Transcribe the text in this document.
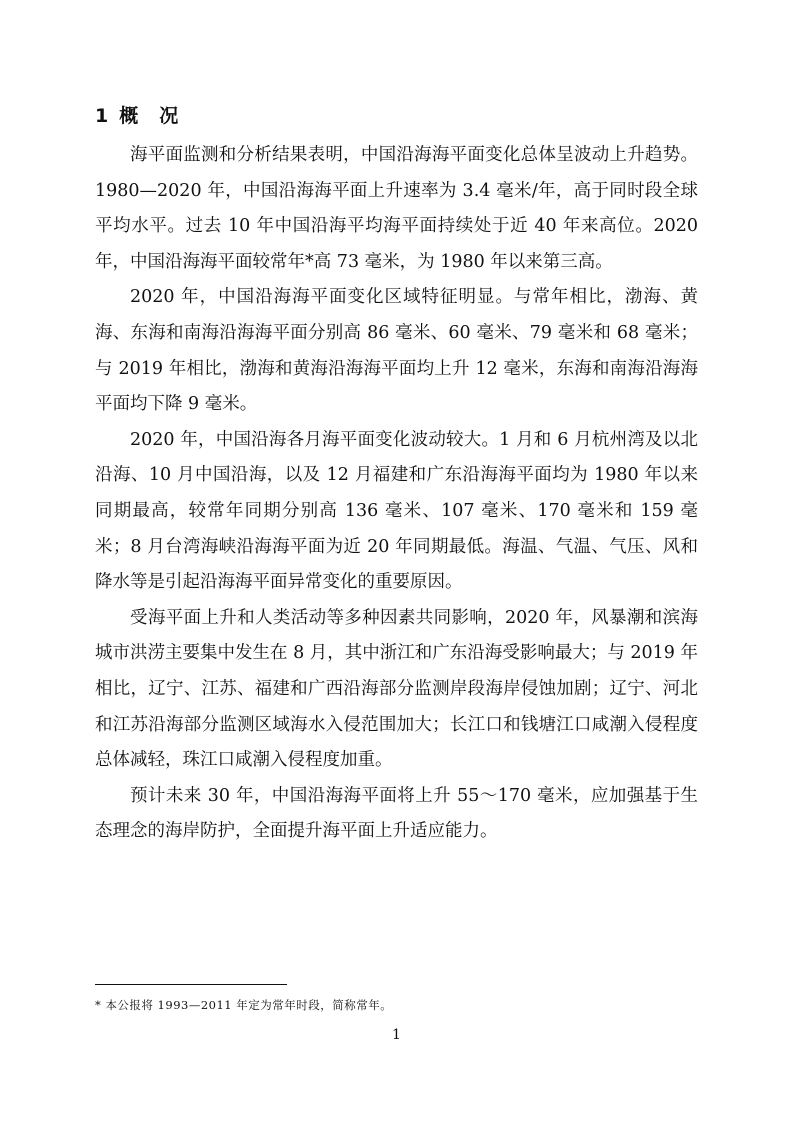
1 概　况

海平面监测和分析结果表明，中国沿海海平面变化总体呈波动上升趋势。1980—2020 年，中国沿海海平面上升速率为 3.4 毫米/年，高于同时段全球平均水平。过去 10 年中国沿海平均海平面持续处于近 40 年来高位。2020 年，中国沿海海平面较常年*高 73 毫米，为 1980 年以来第三高。

2020 年，中国沿海海平面变化区域特征明显。与常年相比，渤海、黄海、东海和南海沿海海平面分别高 86 毫米、60 毫米、79 毫米和 68 毫米；与 2019 年相比，渤海和黄海沿海海平面均上升 12 毫米，东海和南海沿海海平面均下降 9 毫米。

2020 年，中国沿海各月海平面变化波动较大。1 月和 6 月杭州湾及以北沿海、10 月中国沿海，以及 12 月福建和广东沿海海平面均为 1980 年以来同期最高，较常年同期分别高 136 毫米、107 毫米、170 毫米和 159 毫米；8 月台湾海峡沿海海平面为近 20 年同期最低。海温、气温、气压、风和降水等是引起沿海海平面异常变化的重要原因。

受海平面上升和人类活动等多种因素共同影响，2020 年，风暴潮和滨海城市洪涝主要集中发生在 8 月，其中浙江和广东沿海受影响最大；与 2019 年相比，辽宁、江苏、福建和广西沿海部分监测岸段海岸侵蚀加剧；辽宁、河北和江苏沿海部分监测区域海水入侵范围加大；长江口和钱塘江口咸潮入侵程度总体减轻，珠江口咸潮入侵程度加重。

预计未来 30 年，中国沿海海平面将上升 55～170 毫米，应加强基于生态理念的海岸防护，全面提升海平面上升适应能力。

* 本公报将 1993—2011 年定为常年时段，简称常年。
1
